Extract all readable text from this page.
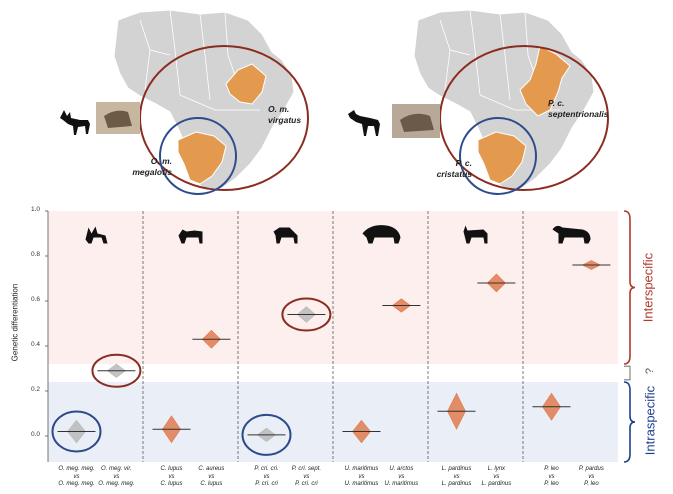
O. m.
virgatus
O. m.
megalotis
P. c.
septentrionalis
P. c.
cristatus
Genetic differentiation
1.0
0.8
0.6
0.4
0.2
0.0
Interspecific
Intraspecific
?
O. meg. meg.
vs
O. meg. meg.
O. meg. vir.
vs
O. meg. meg.
C. lupus
vs
C. lupus
C. aureus
vs
C. lupus
P. cri. cri.
vs
P. cri. cri
P. cri. sept.
vs
P. cri. cri
U. maritimus
vs
U. maritimus
U. arctos
vs
U. maritimus
L. pardinus
vs
L. pardinus
L. lynx
vs
L. pardinus
P. leo
vs
P. leo
P. pardus
vs
P. leo
